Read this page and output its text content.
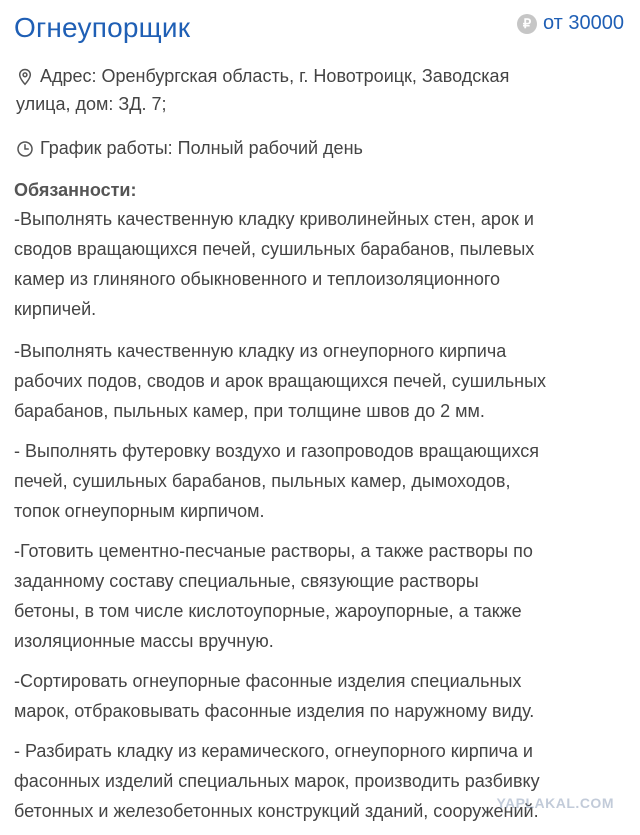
Огнеупорщик	₽ от 30000
Адрес: Оренбургская область, г. Новотроицк, Заводская
улица, дом: ЗД. 7;
График работы: Полный рабочий день
Обязанности:

-Выполнять качественную кладку криволинейных стен, арок и
сводов вращающихся печей, сушильных барабанов, пылевых
камер из глиняного обыкновенного и теплоизоляционного
кирпичей.

-Выполнять качественную кладку из огнеупорного кирпича
рабочих подов, сводов и арок вращающихся печей, сушильных
барабанов, пыльных камер, при толщине швов до 2 мм.

- Выполнять футеровку воздухо и газопроводов вращающихся
печей, сушильных барабанов, пыльных камер, дымоходов,
топок огнеупорным кирпичом.

-Готовить цементно-песчаные растворы, а также растворы по
заданному составу специальные, связующие растворы
бетоны, в том числе кислотоупорные, жароупорные, а также
изоляционные массы вручную.

-Сортировать огнеупорные фасонные изделия специальных
марок, отбраковывать фасонные изделия по наружному виду.

- Разбирать кладку из керамического, огнеупорного кирпича и
фасонных изделий специальных марок, производить разбивку
бетонных и железобетонных конструкций зданий, сооружений.

YAPLAKAL.COM
